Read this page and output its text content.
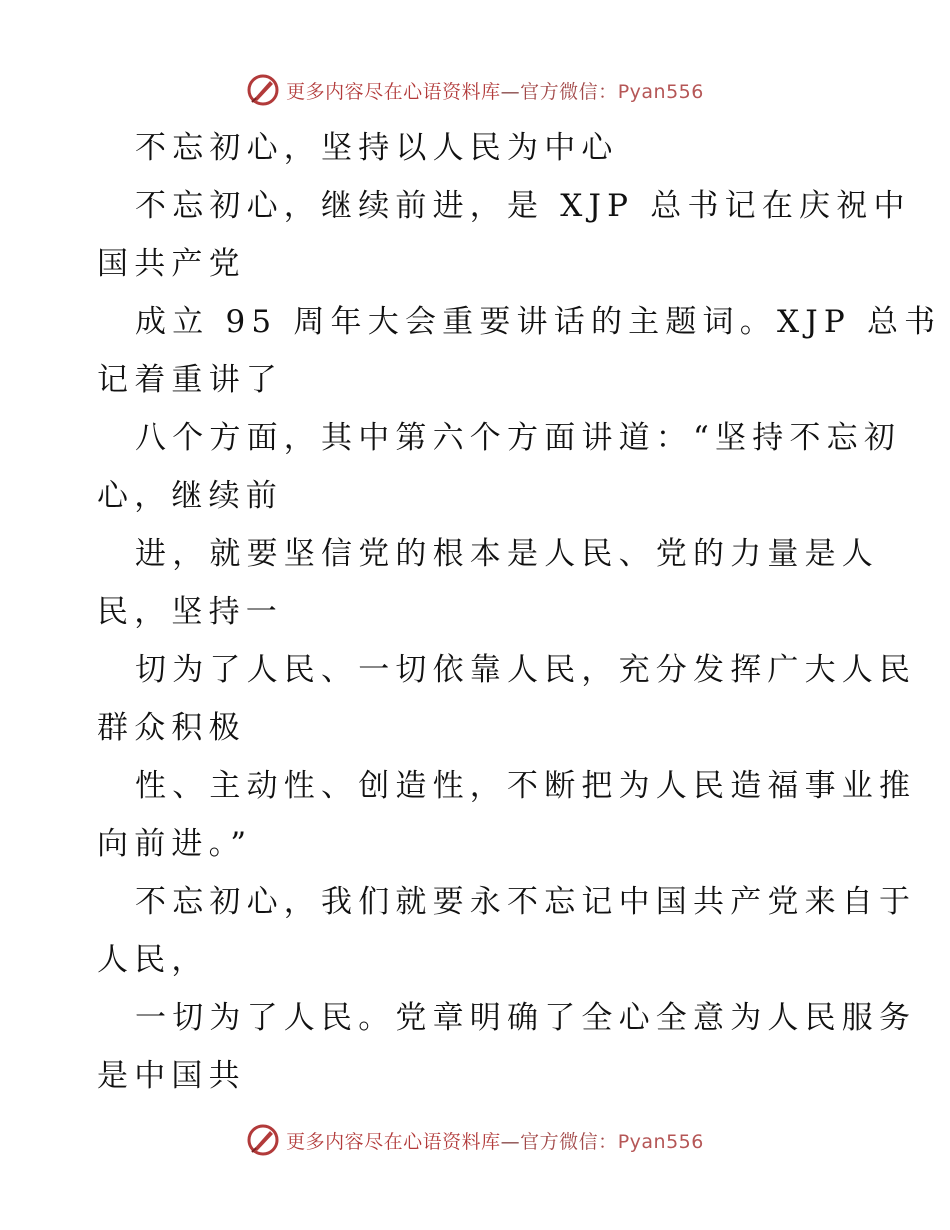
更多内容尽在心语资料库—官方微信：Pyan556
不忘初心，坚持以人民为中心
不忘初心，继续前进，是 XJP 总书记在庆祝中
国共产党
成立 95 周年大会重要讲话的主题词。XJP 总书
记着重讲了
八个方面，其中第六个方面讲道：“坚持不忘初
心，继续前
进，就要坚信党的根本是人民、党的力量是人
民，坚持一
切为了人民、一切依靠人民，充分发挥广大人民
群众积极
性、主动性、创造性，不断把为人民造福事业推
向前进。”
不忘初心，我们就要永不忘记中国共产党来自于
人民，
一切为了人民。党章明确了全心全意为人民服务
是中国共
更多内容尽在心语资料库—官方微信：Pyan556
